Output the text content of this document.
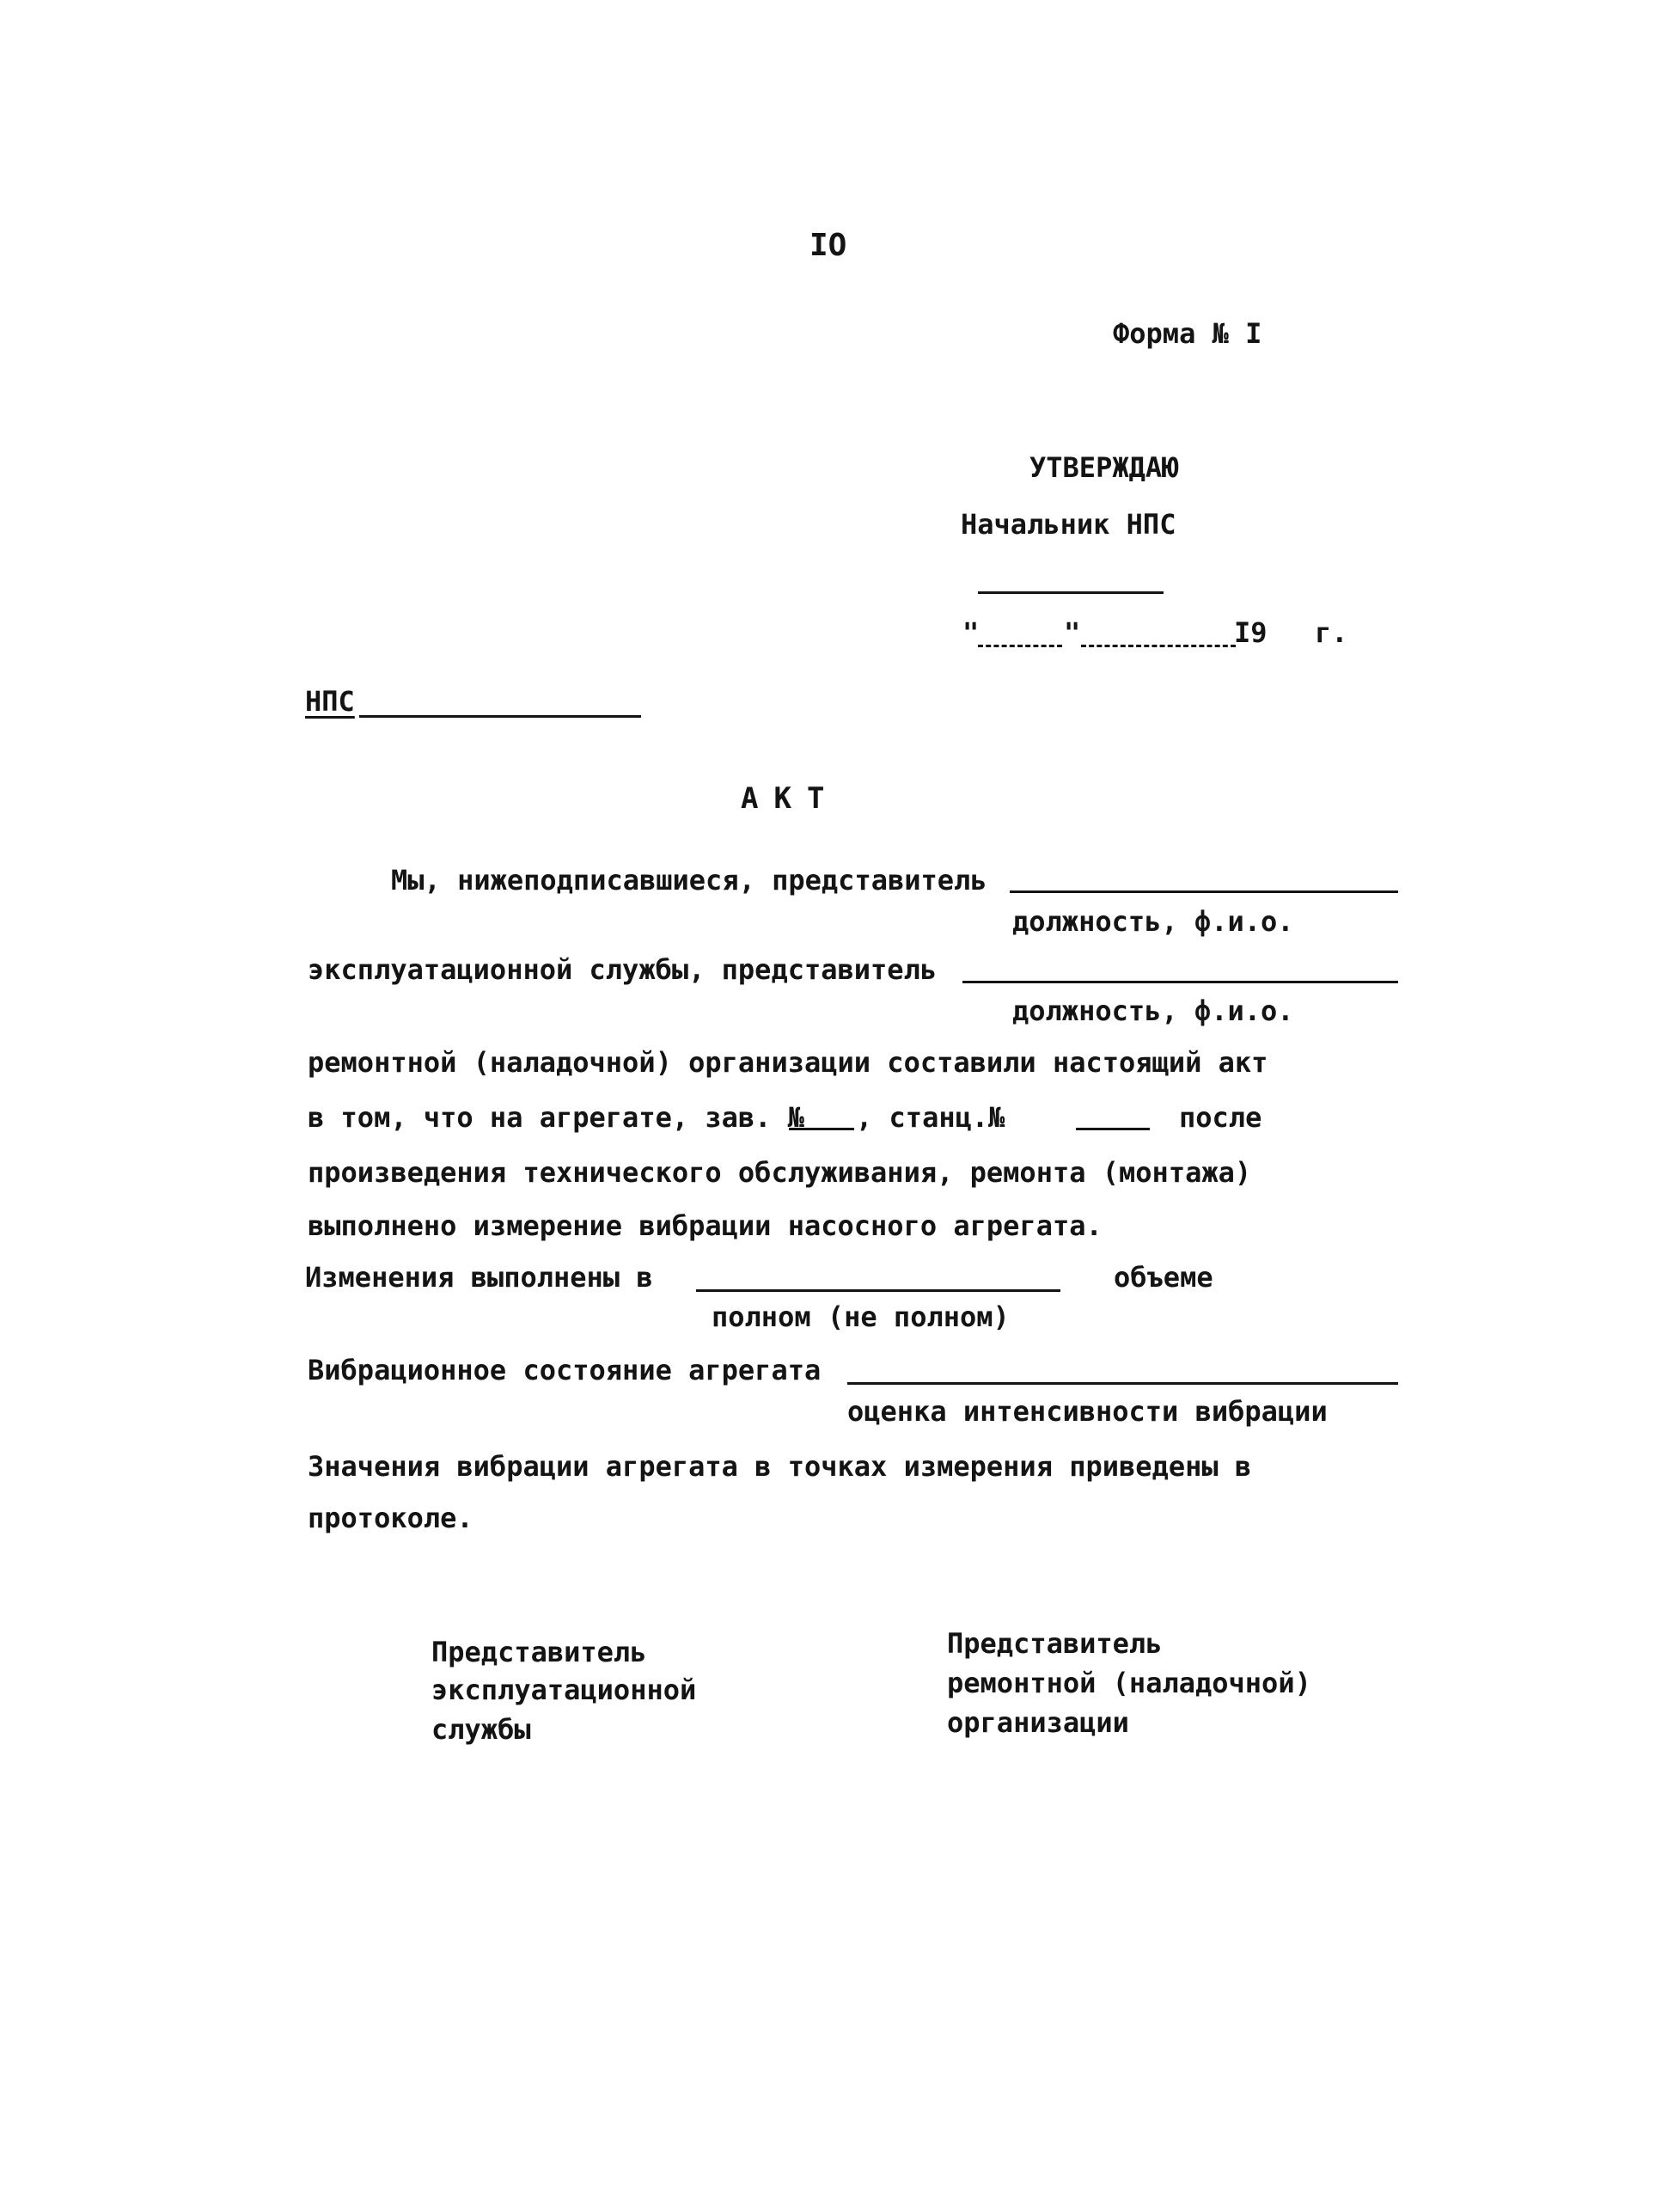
IO
Форма № I
УТВЕРЖДАЮ
Начальник НПС
"	"	I9 г.
НПС
АКТ
Мы, нижеподписавшиеся, представитель
должность, ф.и.о.
эксплуатационной службы, представитель
должность, ф.и.о.
ремонтной (наладочной) организации составили настоящий акт
в том, что на агрегате, зав. № , станц.№	после
произведения технического обслуживания, ремонта (монтажа)
выполнено измерение вибрации насосного агрегата.
Изменения выполнены в	объеме
полном (не полном)
Вибрационное состояние агрегата
оценка интенсивности вибрации
Значения вибрации агрегата в точках измерения приведены в
протоколе.
Представитель
эксплуатационной
службы
Представитель
ремонтной (наладочной)
организации
